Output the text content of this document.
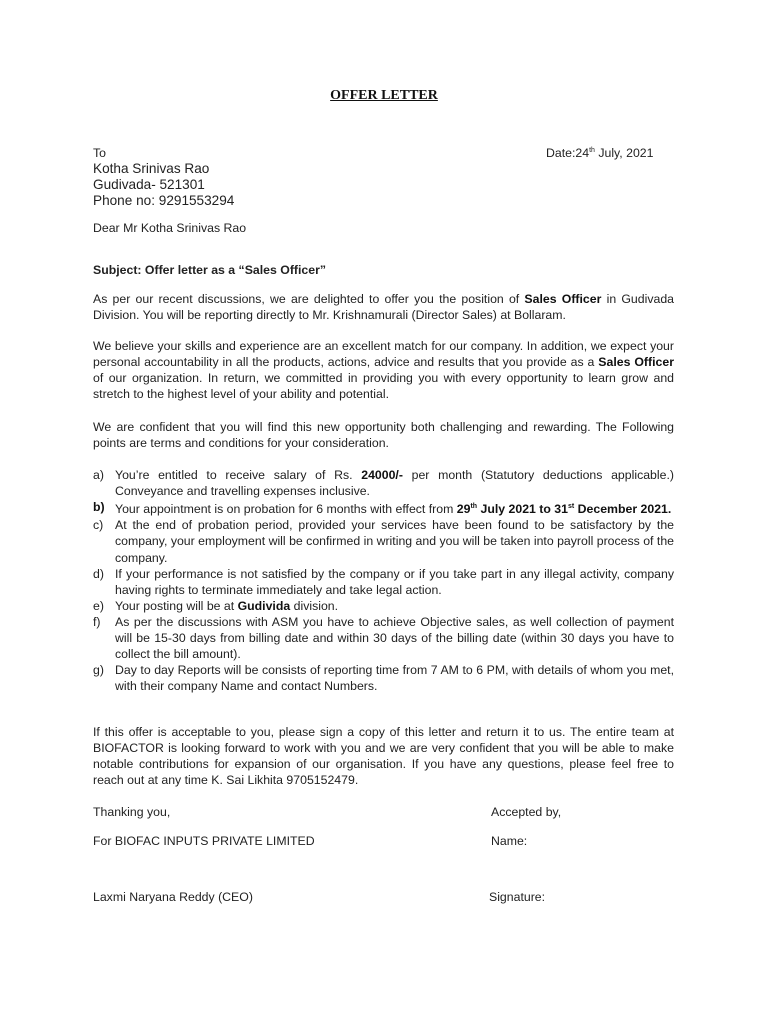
OFFER LETTER
To	Date:24th July, 2021
Kotha Srinivas Rao
Gudivada- 521301
Phone no: 9291553294
Dear Mr Kotha Srinivas Rao
Subject: Offer letter as a “Sales Officer”
As per our recent discussions, we are delighted to offer you the position of Sales Officer in Gudivada Division. You will be reporting directly to Mr. Krishnamurali (Director Sales) at Bollaram.
We believe your skills and experience are an excellent match for our company. In addition, we expect your personal accountability in all the products, actions, advice and results that you provide as a Sales Officer of our organization. In return, we committed in providing you with every opportunity to learn grow and stretch to the highest level of your ability and potential.
We are confident that you will find this new opportunity both challenging and rewarding. The Following points are terms and conditions for your consideration.
a) You’re entitled to receive salary of Rs. 24000/- per month (Statutory deductions applicable.) Conveyance and travelling expenses inclusive.
b) Your appointment is on probation for 6 months with effect from 29th July 2021 to 31st December 2021.
c) At the end of probation period, provided your services have been found to be satisfactory by the company, your employment will be confirmed in writing and you will be taken into payroll process of the company.
d) If your performance is not satisfied by the company or if you take part in any illegal activity, company having rights to terminate immediately and take legal action.
e) Your posting will be at Gudivida division.
f) As per the discussions with ASM you have to achieve Objective sales, as well collection of payment will be 15-30 days from billing date and within 30 days of the billing date (within 30 days you have to collect the bill amount).
g) Day to day Reports will be consists of reporting time from 7 AM to 6 PM, with details of whom you met, with their company Name and contact Numbers.
If this offer is acceptable to you, please sign a copy of this letter and return it to us. The entire team at BIOFACTOR is looking forward to work with you and we are very confident that you will be able to make notable contributions for expansion of our organisation. If you have any questions, please feel free to reach out at any time K. Sai Likhita 9705152479.
Thanking you,	Accepted by,
For BIOFAC INPUTS PRIVATE LIMITED	Name:
Laxmi Naryana Reddy (CEO)	Signature:
